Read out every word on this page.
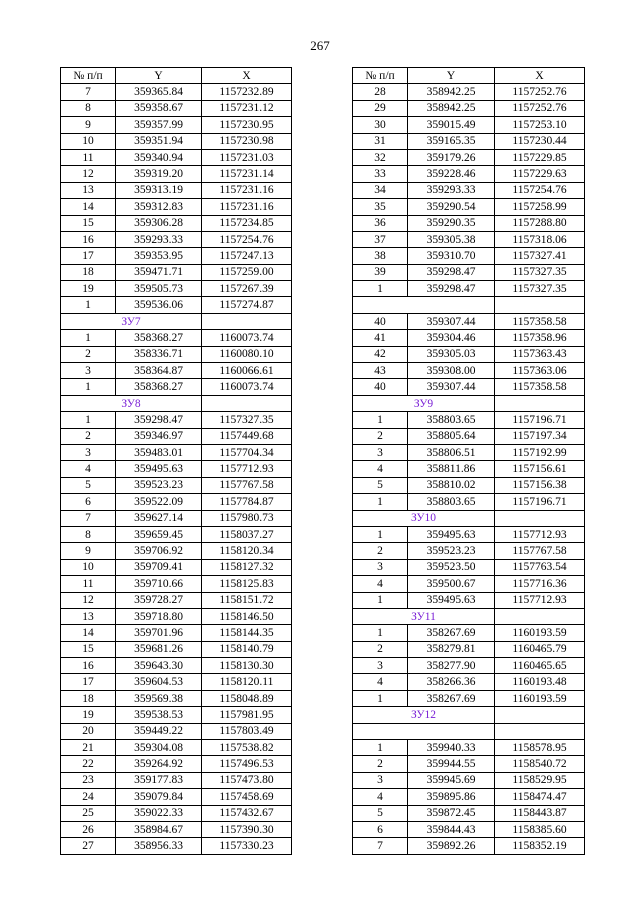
267
№ п/п	Y	X
7	359365.84	1157232.89
8	359358.67	1157231.12
9	359357.99	1157230.95
10	359351.94	1157230.98
11	359340.94	1157231.03
12	359319.20	1157231.14
13	359313.19	1157231.16
14	359312.83	1157231.16
15	359306.28	1157234.85
16	359293.33	1157254.76
17	359353.95	1157247.13
18	359471.71	1157259.00
19	359505.73	1157267.39
1	359536.06	1157274.87
ЗУ7		
1	358368.27	1160073.74
2	358336.71	1160080.10
3	358364.87	1160066.61
1	358368.27	1160073.74
ЗУ8		
1	359298.47	1157327.35
2	359346.97	1157449.68
3	359483.01	1157704.34
4	359495.63	1157712.93
5	359523.23	1157767.58
6	359522.09	1157784.87
7	359627.14	1157980.73
8	359659.45	1158037.27
9	359706.92	1158120.34
10	359709.41	1158127.32
11	359710.66	1158125.83
12	359728.27	1158151.72
13	359718.80	1158146.50
14	359701.96	1158144.35
15	359681.26	1158140.79
16	359643.30	1158130.30
17	359604.53	1158120.11
18	359569.38	1158048.89
19	359538.53	1157981.95
20	359449.22	1157803.49
21	359304.08	1157538.82
22	359264.92	1157496.53
23	359177.83	1157473.80
24	359079.84	1157458.69
25	359022.33	1157432.67
26	358984.67	1157390.30
27	358956.33	1157330.23
№ п/п	Y	X
28	358942.25	1157252.76
29	358942.25	1157252.76
30	359015.49	1157253.10
31	359165.35	1157230.44
32	359179.26	1157229.85
33	359228.46	1157229.63
34	359293.33	1157254.76
35	359290.54	1157258.99
36	359290.35	1157288.80
37	359305.38	1157318.06
38	359310.70	1157327.41
39	359298.47	1157327.35
1	359298.47	1157327.35

40	359307.44	1157358.58
41	359304.46	1157358.96
42	359305.03	1157363.43
43	359308.00	1157363.06
40	359307.44	1157358.58
ЗУ9		
1	358803.65	1157196.71
2	358805.64	1157197.34
3	358806.51	1157192.99
4	358811.86	1157156.61
5	358810.02	1157156.38
1	358803.65	1157196.71
ЗУ10		
1	359495.63	1157712.93
2	359523.23	1157767.58
3	359523.50	1157763.54
4	359500.67	1157716.36
1	359495.63	1157712.93
ЗУ11		
1	358267.69	1160193.59
2	358279.81	1160465.79
3	358277.90	1160465.65
4	358266.36	1160193.48
1	358267.69	1160193.59
ЗУ12		

1	359940.33	1158578.95
2	359944.55	1158540.72
3	359945.69	1158529.95
4	359895.86	1158474.47
5	359872.45	1158443.87
6	359844.43	1158385.60
7	359892.26	1158352.19
